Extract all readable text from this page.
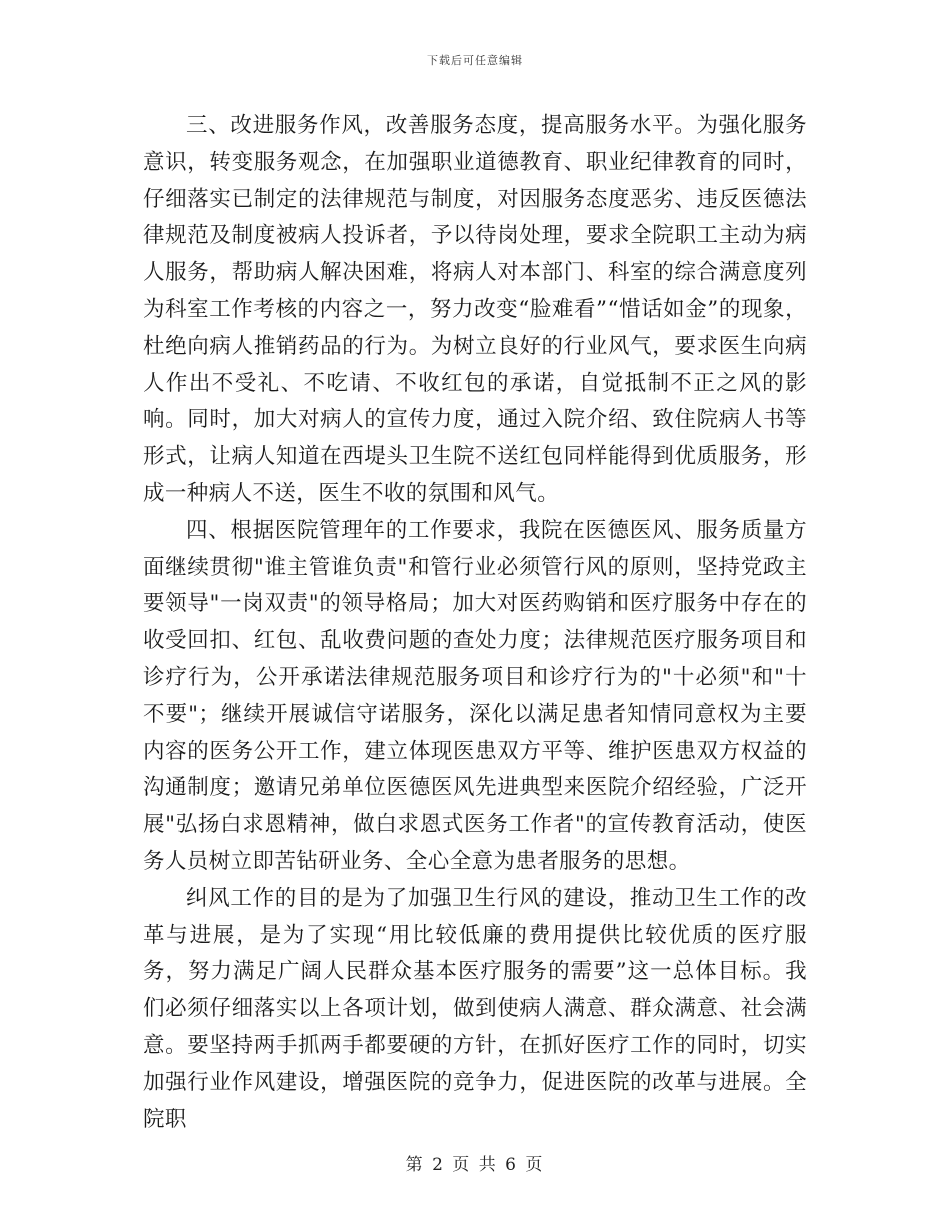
下载后可任意编辑

三、改进服务作风，改善服务态度，提高服务水平。为强化服务意识，转变服务观念，在加强职业道德教育、职业纪律教育的同时，仔细落实已制定的法律规范与制度，对因服务态度恶劣、违反医德法律规范及制度被病人投诉者，予以待岗处理，要求全院职工主动为病人服务，帮助病人解决困难，将病人对本部门、科室的综合满意度列为科室工作考核的内容之一，努力改变“脸难看”“惜话如金”的现象，杜绝向病人推销药品的行为。为树立良好的行业风气，要求医生向病人作出不受礼、不吃请、不收红包的承诺，自觉抵制不正之风的影响。同时，加大对病人的宣传力度，通过入院介绍、致住院病人书等形式，让病人知道在西堤头卫生院不送红包同样能得到优质服务，形成一种病人不送，医生不收的氛围和风气。

四、根据医院管理年的工作要求，我院在医德医风、服务质量方面继续贯彻"谁主管谁负责"和管行业必须管行风的原则，坚持党政主要领导"一岗双责"的领导格局；加大对医药购销和医疗服务中存在的收受回扣、红包、乱收费问题的查处力度；法律规范医疗服务项目和诊疗行为，公开承诺法律规范服务项目和诊疗行为的"十必须"和"十不要"；继续开展诚信守诺服务，深化以满足患者知情同意权为主要内容的医务公开工作，建立体现医患双方平等、维护医患双方权益的沟通制度；邀请兄弟单位医德医风先进典型来医院介绍经验，广泛开展"弘扬白求恩精神，做白求恩式医务工作者"的宣传教育活动，使医务人员树立即苦钻研业务、全心全意为患者服务的思想。

纠风工作的目的是为了加强卫生行风的建设，推动卫生工作的改革与进展，是为了实现“用比较低廉的费用提供比较优质的医疗服务，努力满足广阔人民群众基本医疗服务的需要”这一总体目标。我们必须仔细落实以上各项计划，做到使病人满意、群众满意、社会满意。要坚持两手抓两手都要硬的方针，在抓好医疗工作的同时，切实加强行业作风建设，增强医院的竞争力，促进医院的改革与进展。全院职

第 2 页 共 6 页
